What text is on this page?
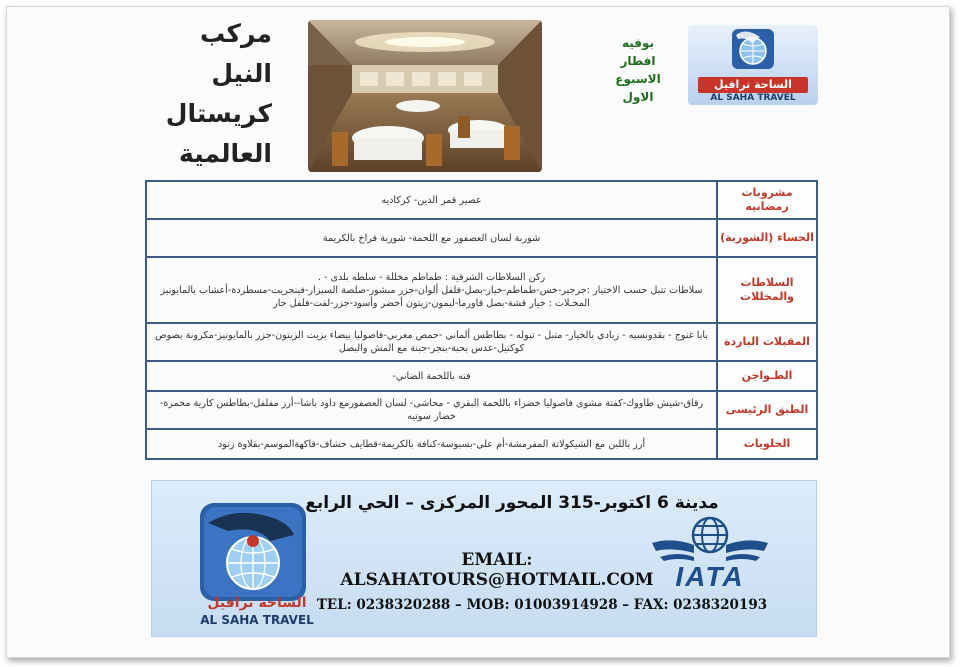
مركب النيل
كريستال
العالمية
بوفيه
افطار
الاسبوع
الاول
الساحة ترافيل
AL SAHA TRAVEL
مشروبات رمضانيه	عصير قمر الدين- كركاديه

الحساء (الشوربة)	شوربة لسان العصفور مع اللحمة- شوربة فراخ بالكريمة

السلاطات والمخللات	ركن السلاطات الشرقية : طماطم مخللة - سلطه بلدى - .
سلاطات تتبل حسب الاختيار :جرجير-خس-طماطم-خيار-بصل-فلفل ألوان-جزر مبشور-صلصة السيزار-فينجريت-مسطردة-أعشاب بالمايونيز
المخـلات : خيار قشة-بصل قاورما-ليمون-زيتون أخضر وأسود-جزر-لفت-فلفل حار

المقبلات الباردة	بابا غنوج - بقدونسيه - زبادي بالخيار- متبل - تبوله - بطاطس ألماني -حمص مغربي-فاصوليا بيضاء بزيت الزيتون-جزر بالمايونيز-مكرونة بصوص كوكتيل-عدس بحبة-بنجر-جبنة مع المش والبصل

الطـواجن	فته باللحمة الضاني-

الطبق الرئيسى	رقاق-شيش طاووك-كفتة مشوى فاصوليا خضراء باللحمة البقري - محاشى- لسان العصفورمع داود باشا--أرز مفلفل-بطاطس كارية محمرة-خضار سوتيه

الحلويات	أرز باللبن مع الشيكولاتة المفرمشة-أم علي-بسبوسة-كنافة بالكريمة-قطايف حشاف-فاكهةالموسم-بقلاوة زنود
مدينة 6 اكتوبر-315 المحور المركزى – الحي الرابع
AL SAHA TRAVEL
الساحة ترافيل
EMAIL: ALSAHATOURS@HOTMAIL.COM
TEL: 0238320288 – MOB: 01003914928 – FAX: 0238320193
IATA
